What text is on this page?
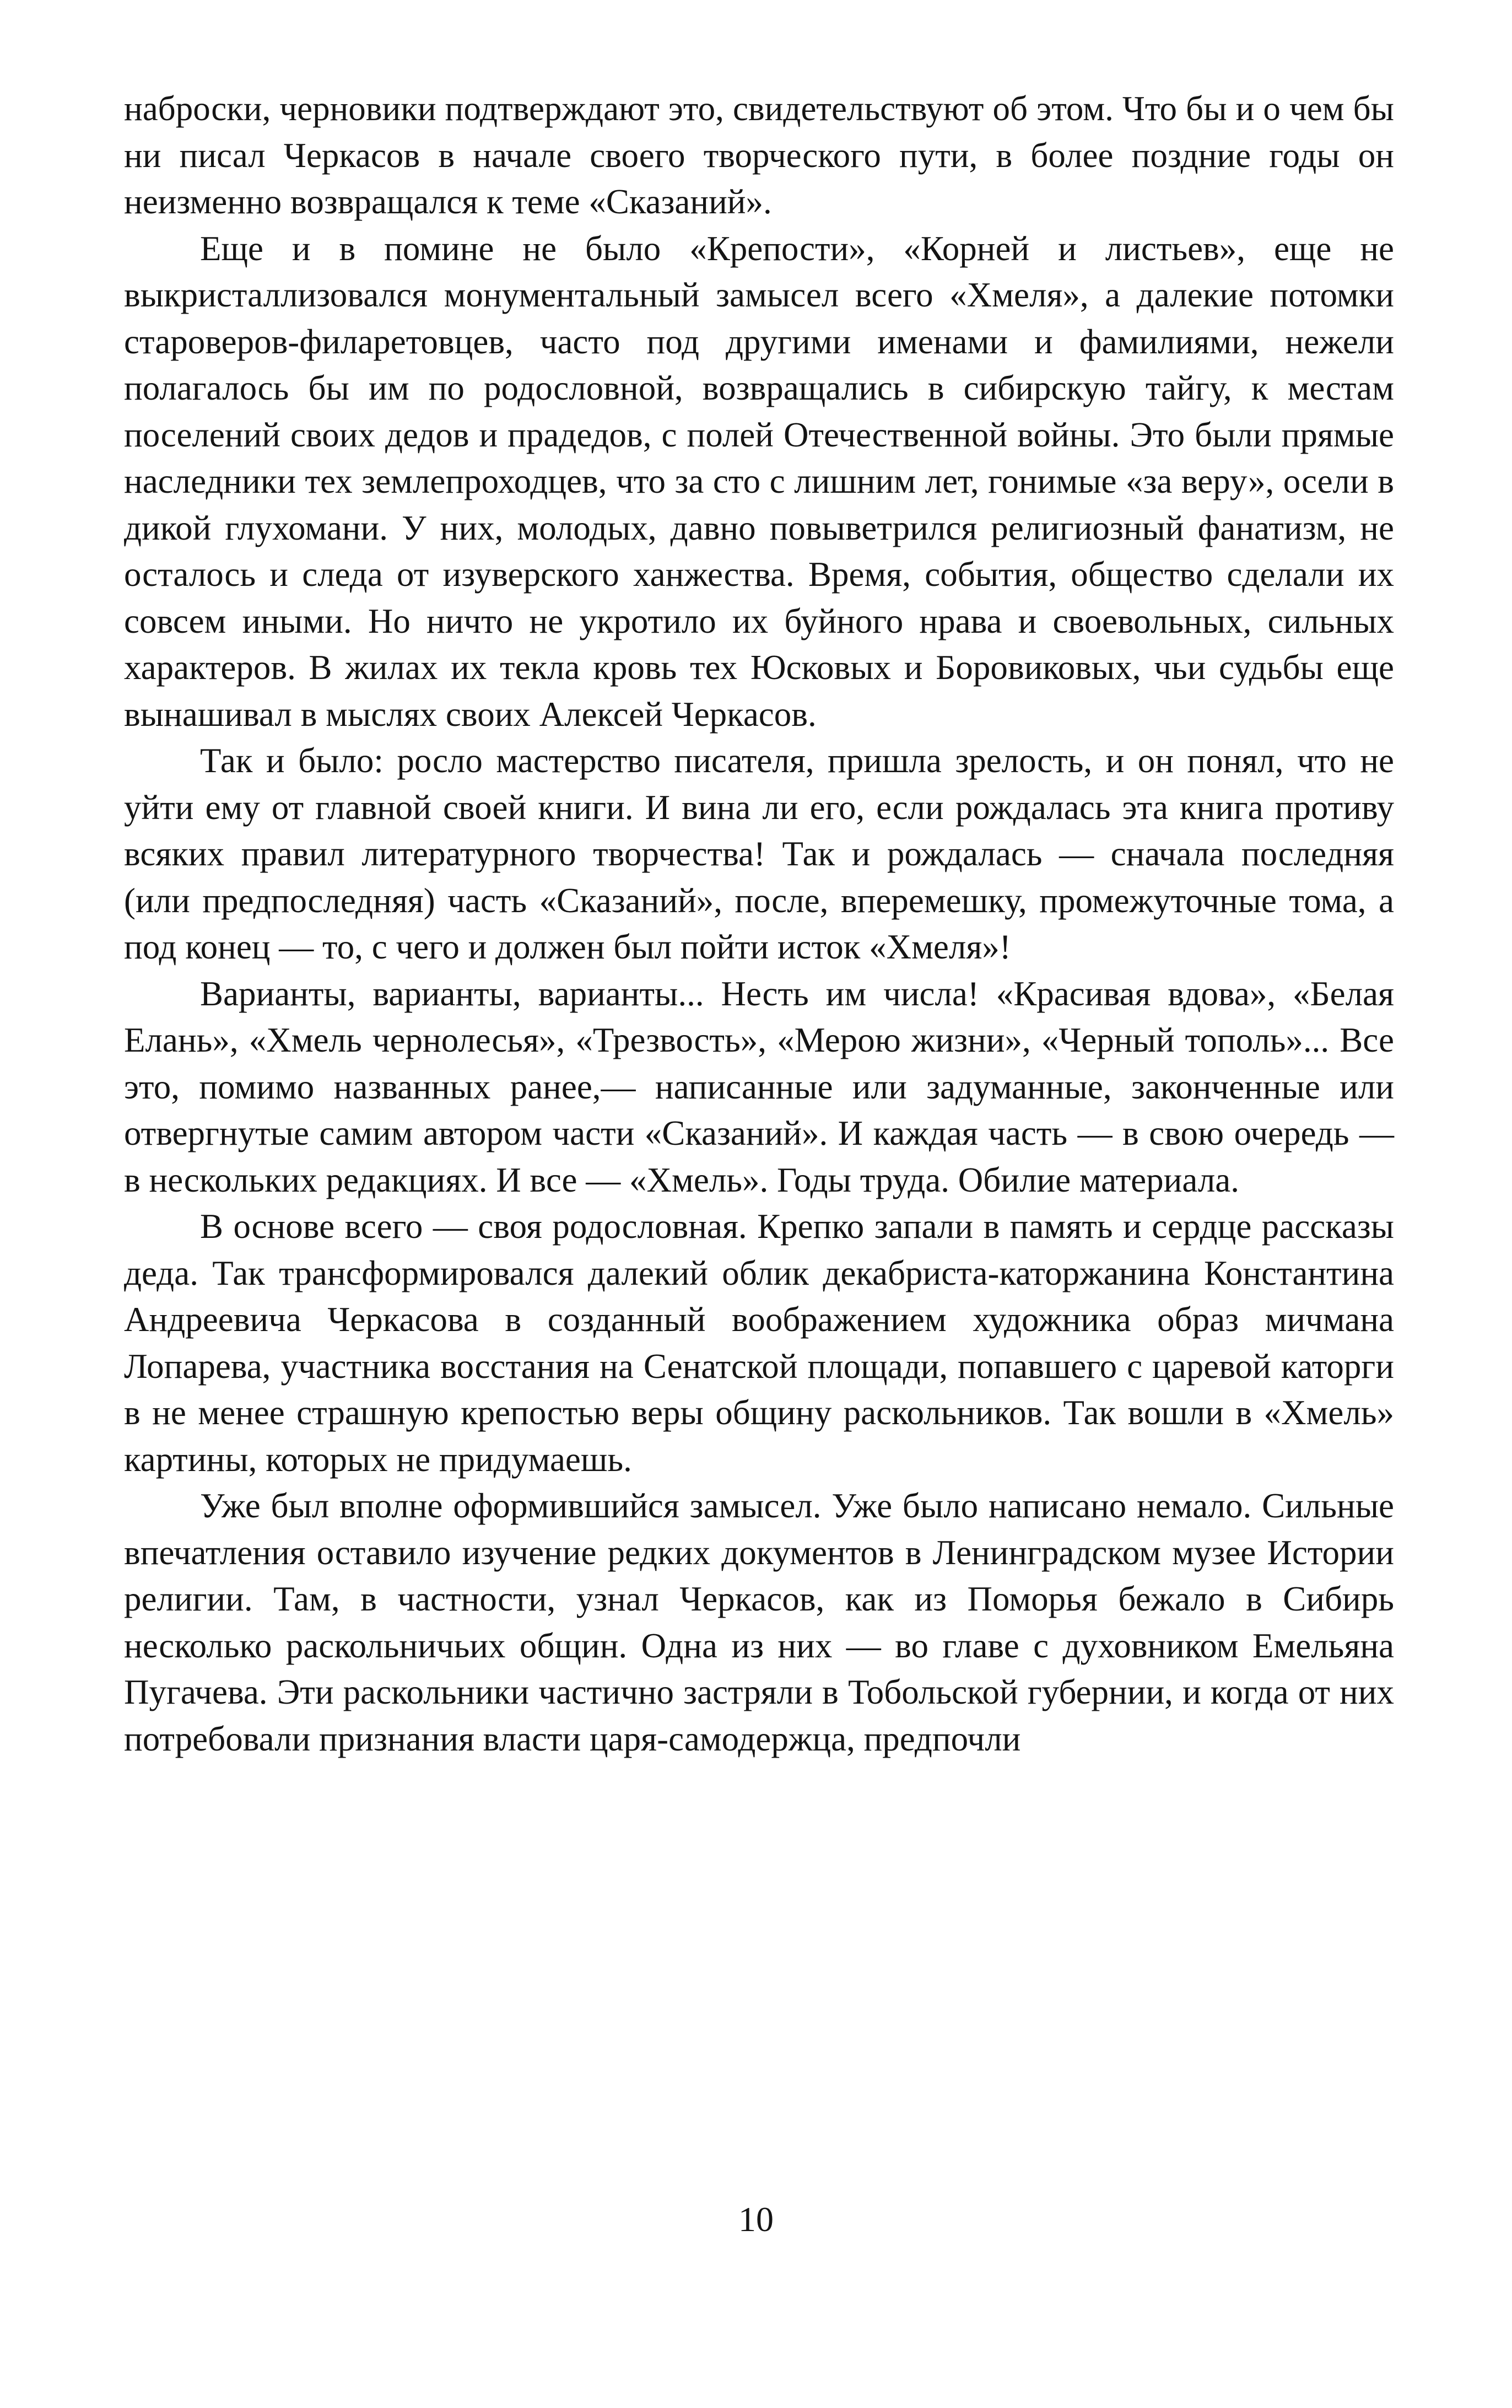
наброски, черновики подтверждают это, свидетельствуют об этом. Что бы и о чем бы ни писал Черкасов в начале своего творческого пути, в более поздние годы он неизменно возвращался к теме «Сказаний».

Еще и в помине не было «Крепости», «Корней и листьев», еще не выкристаллизовался монументальный замысел всего «Хмеля», а далекие потомки староверов-филаретовцев, часто под другими именами и фамилиями, нежели полагалось бы им по родословной, возвращались в сибирскую тайгу, к местам поселений своих дедов и прадедов, с полей Отечественной войны. Это были прямые наследники тех землепроходцев, что за сто с лишним лет, гонимые «за веру», осели в дикой глухомани. У них, молодых, давно повыветрился религиозный фанатизм, не осталось и следа от изуверского ханжества. Время, события, общество сделали их совсем иными. Но ничто не укротило их буйного нрава и своевольных, сильных характеров. В жилах их текла кровь тех Юсковых и Боровиковых, чьи судьбы еще вынашивал в мыслях своих Алексей Черкасов.

Так и было: росло мастерство писателя, пришла зрелость, и он понял, что не уйти ему от главной своей книги. И вина ли его, если рождалась эта книга противу всяких правил литературного творчества! Так и рождалась — сначала последняя (или предпоследняя) часть «Сказаний», после, вперемешку, промежуточные тома, а под конец — то, с чего и должен был пойти исток «Хмеля»!

Варианты, варианты, варианты... Несть им числа! «Красивая вдова», «Белая Елань», «Хмель чернолесья», «Трезвость», «Мерою жизни», «Черный тополь»... Все это, помимо названных ранее,— написанные или задуманные, законченные или отвергнутые самим автором части «Сказаний». И каждая часть — в свою очередь — в нескольких редакциях. И все — «Хмель». Годы труда. Обилие материала.

В основе всего — своя родословная. Крепко запали в память и сердце рассказы деда. Так трансформировался далекий облик декабриста-каторжанина Константина Андреевича Черкасова в созданный воображением художника образ мичмана Лопарева, участника восстания на Сенатской площади, попавшего с царевой каторги в не менее страшную крепостью веры общину раскольников. Так вошли в «Хмель» картины, которых не придумаешь.

Уже был вполне оформившийся замысел. Уже было написано немало. Сильные впечатления оставило изучение редких документов в Ленинградском музее Истории религии. Там, в частности, узнал Черкасов, как из Поморья бежало в Сибирь несколько раскольничьих общин. Одна из них — во главе с духовником Емельяна Пугачева. Эти раскольники частично застряли в Тобольской губернии, и когда от них потребовали признания власти царя-самодержца, предпочли

10
